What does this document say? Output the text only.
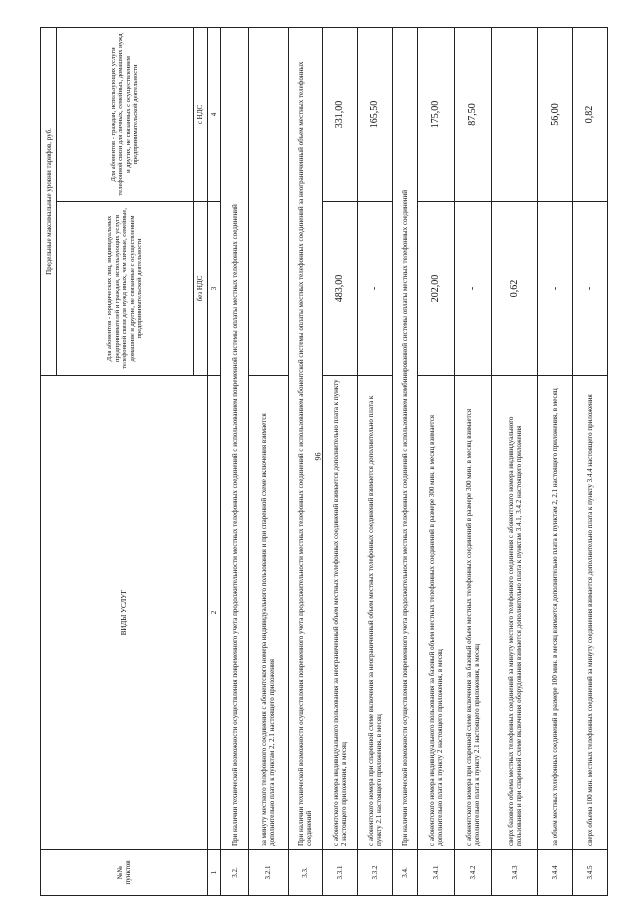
96
№№ пунктов	ВИДЫ УСЛУГ	Предельные максимальные уровни тарифов, руб.	
		Для абонентов - юридических лиц, индивидуальных предпринимателей и граждан, использующих услуги телефонной связи для нужд иных, чем личные, семейные, домашние и другие, не связанные с осуществлением предпринимательской деятельности	Для абонентов - граждан, использующих услуги телефонной связи для личных, семейных, домашних нужд и других, не связанных с осуществлением предпринимательской деятельности
		без НДС	с НДС
1	2	3	4
3.2.	При наличии технической возможности осуществления повременного учета продолжительности местных телефонных соединений с использованием повременной системы оплаты местных телефонных соединений		
3.2.1	за минуту местного телефонного соединения с абонентского номера индивидуального пользования и при спаренной схеме включения взимается дополнительно плата к пунктам 2, 2.1 настоящего приложения		
3.3.	При наличии технической возможности осуществления повременного учета продолжительности местных телефонных соединений с использованием абонентской системы оплаты местных телефонных соединений за неограниченный объем местных телефонных соединений		
3.3.1	с абонентского номера индивидуального пользования за неограниченный объем местных телефонных соединений взимается дополнительно плата к пункту 2 настоящего приложения, в месяц	483,00	331,00
3.3.2	с абонентского номера при спаренной схеме включения за неограниченный объем местных телефонных соединений взимается дополнительно плата к пункту 2.1 настоящего приложения, в месяц	-	165,50
3.4.	При наличии технической возможности осуществления повременного учета продолжительности местных телефонных соединений с использованием комбинированной системы оплаты местных телефонных соединений		
3.4.1	с абонентского номера индивидуального пользования за базовый объем местных телефонных соединений в размере 300 мин. в месяц взимается дополнительно плата к пункту 2 настоящего приложения, в месяц	202,00	175,00
3.4.2	с абонентского номера при спаренной схеме включения за базовый объем местных телефонных соединений в размере 300 мин. в месяц взимается дополнительно плата к пункту 2.1 настоящего приложения, в месяц	-	87,50
3.4.3	сверх базового объема местных телефонных соединений за минуту местного телефонного соединения с абонентского номера индивидуального пользования и при спаренной схеме включения оборудования взимается дополнительно плата к пунктам 3.4.1, 3.4.2 настоящего приложения	0,62	
3.4.4	за объем местных телефонных соединений в размере 100 мин. в месяц взимается дополнительно плата к пунктам 2, 2.1 настоящего приложения, в месяц	-	56,00
3.4.5	сверх объема 100 мин. местных телефонных соединений за минуту соединения взимается дополнительно плата к пункту 3.4.4 настоящего приложения	-	0,82
